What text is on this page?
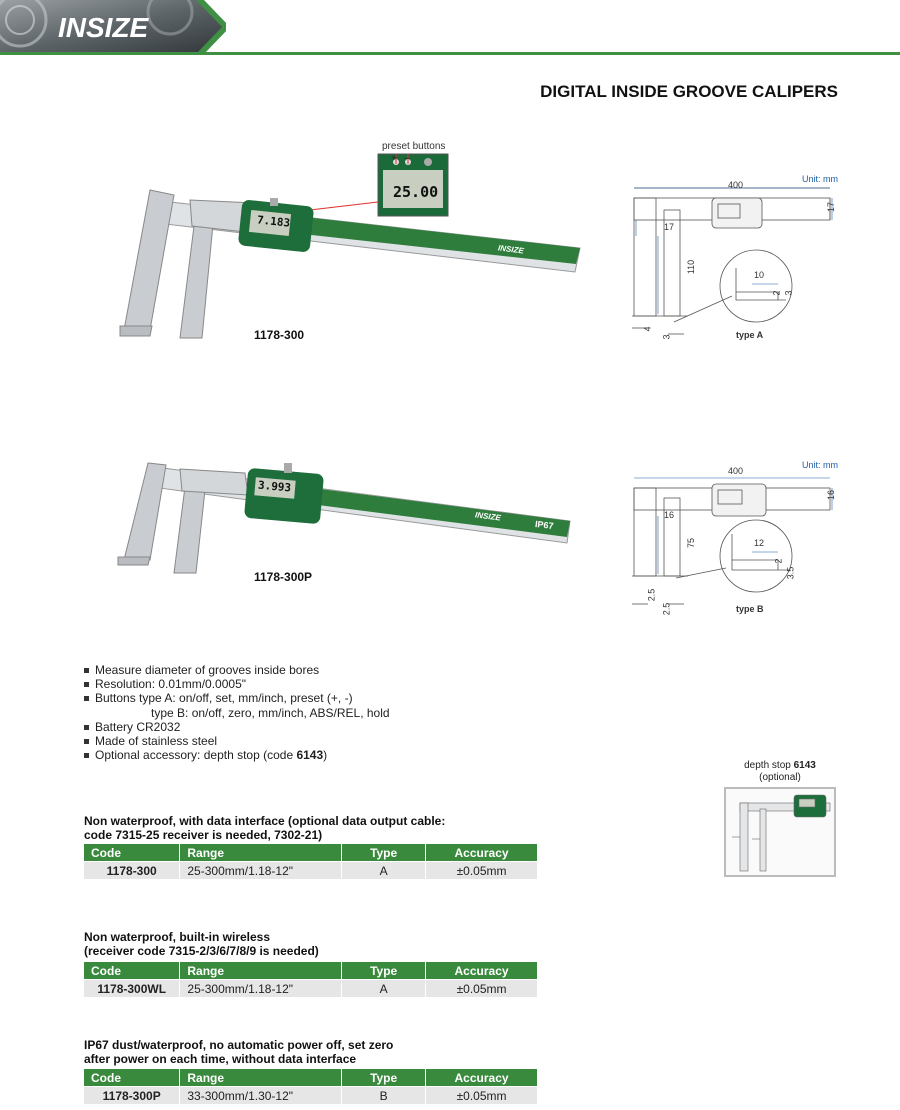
INSIZE
DIGITAL INSIDE GROOVE CALIPERS
preset buttons
+ –
25.00
7.183
INSIZE
1178-300
3.993
INSIZE
IP67
1178-300P
Unit: mm
400
17
17
110
10
2 3
4
3	type A
Unit: mm
400
16
16
75	12
2
3.5
2.5
2.5	type B
Measure diameter of grooves inside bores
Resolution: 0.01mm/0.0005"
Buttons type A: on/off, set, mm/inch, preset (+, -)
type B: on/off, zero, mm/inch, ABS/REL, hold
Battery CR2032
Made of stainless steel
Optional accessory: depth stop (code 6143)
depth stop 6143
(optional)
Non waterproof, with data interface (optional data output cable:
code 7315-25 receiver is needed, 7302-21)
Code	Range	Type	Accuracy
1178-300	25-300mm/1.18-12"	A	±0.05mm
Non waterproof, built-in wireless
(receiver code 7315-2/3/6/7/8/9 is needed)
Code	Range	Type	Accuracy
1178-300WL	25-300mm/1.18-12"	A	±0.05mm
IP67 dust/waterproof, no automatic power off, set zero
after power on each time, without data interface
Code	Range	Type	Accuracy
1178-300P	33-300mm/1.30-12"	B	±0.05mm
